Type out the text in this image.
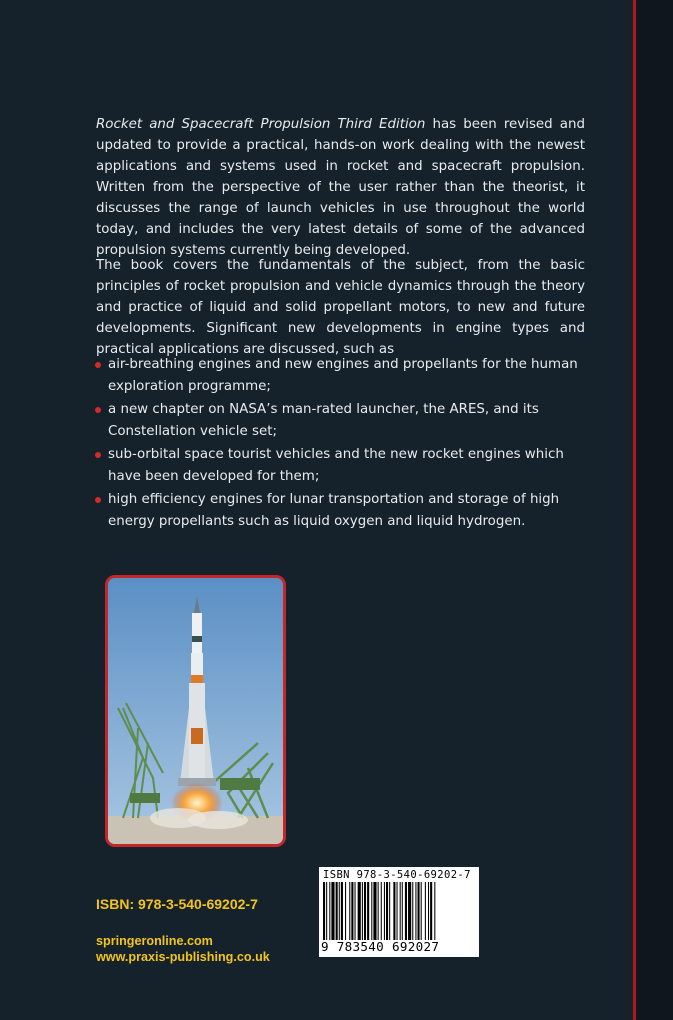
Rocket and Spacecraft Propulsion Third Edition has been revised and updated to provide a practical, hands-on work dealing with the newest applications and systems used in rocket and spacecraft propulsion. Written from the perspective of the user rather than the theorist, it discusses the range of launch vehicles in use throughout the world today, and includes the very latest details of some of the advanced propulsion systems currently being developed.

The book covers the fundamentals of the subject, from the basic principles of rocket propulsion and vehicle dynamics through the theory and practice of liquid and solid propellant motors, to new and future developments. Significant new developments in engine types and practical applications are discussed, such as

air-breathing engines and new engines and propellants for the human exploration programme;
a new chapter on NASA’s man-rated launcher, the ARES, and its Constellation vehicle set;
sub-orbital space tourist vehicles and the new rocket engines which have been developed for them;
high efficiency engines for lunar transportation and storage of high energy propellants such as liquid oxygen and liquid hydrogen.
ISBN: 978-3-540-69202-7
springeronline.com
www.praxis-publishing.co.uk
ISBN 978-3-540-69202-7
9 783540 692027
